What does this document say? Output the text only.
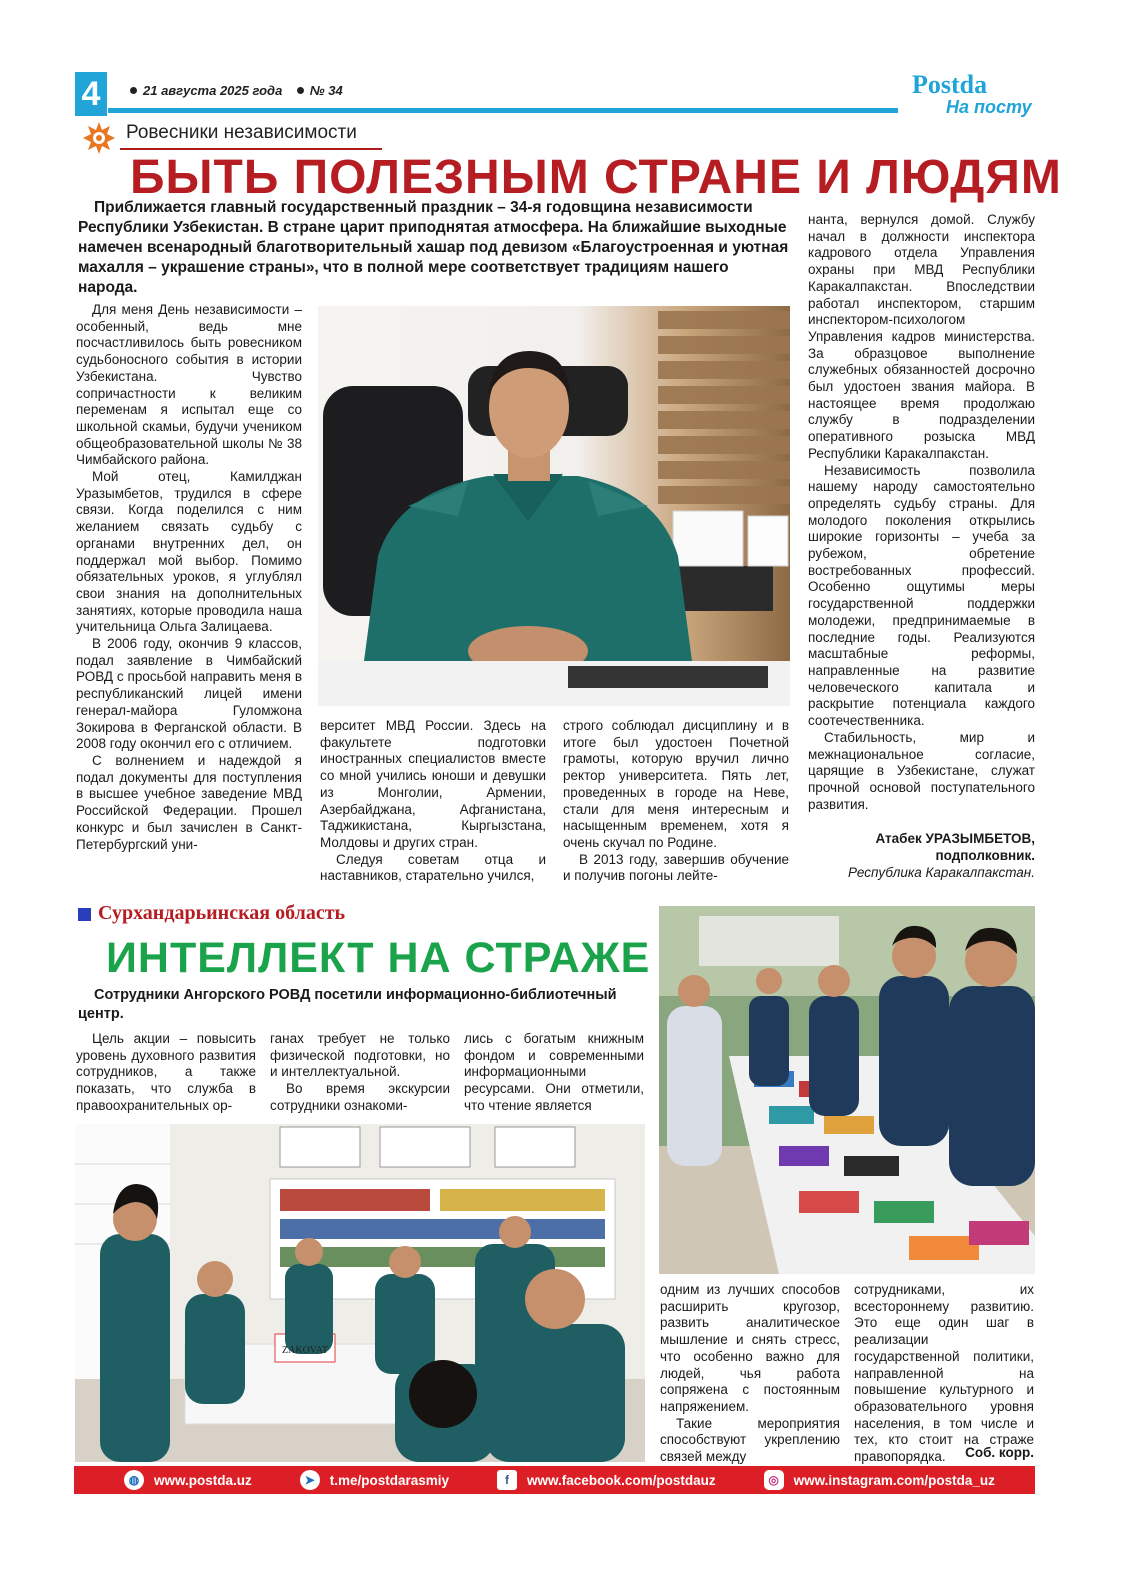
4	21 августа 2025 года № 34	Postda
На посту
Ровесники независимости
БЫТЬ ПОЛЕЗНЫМ СТРАНЕ И ЛЮДЯМ
Приближается главный государственный праздник – 34-я годовщина независимости Республики Узбекистан. В стране царит приподнятая атмосфера. На ближайшие выходные намечен всенародный благотворительный хашар под девизом «Благоустроенная и уютная махалля – украшение страны», что в полной мере соответствует традициям нашего народа.

Для меня День независимости – особенный, ведь мне посчастливилось быть ровесником судьбоносного события в истории Узбекистана. Чувство сопричастности к великим переменам я испытал еще со школьной скамьи, будучи учеником общеобразовательной школы № 38 Чимбайского района.

Мой отец, Камилджан Уразымбетов, трудился в сфере связи. Когда поделился с ним желанием связать судьбу с органами внутренних дел, он поддержал мой выбор. Помимо обязательных уроков, я углублял свои знания на дополнительных занятиях, которые проводила наша учительница Ольга Залицаева.

В 2006 году, окончив 9 классов, подал заявление в Чимбайский РОВД с просьбой направить меня в республиканский лицей имени генерал-майора Гуломжона Зокирова в Ферганской области. В 2008 году окончил его с отличием.

С волнением и надеждой я подал документы для поступления в высшее учебное заведение МВД Российской Федерации. Прошел конкурс и был зачислен в Санкт-Петербургский уни-

верситет МВД России. Здесь на факультете подготовки иностранных специалистов вместе со мной учились юноши и девушки из Монголии, Армении, Азербайджана, Афганистана, Таджикистана, Кыргызстана, Молдовы и других стран.

Следуя советам отца и наставников, старательно учился,

строго соблюдал дисциплину и в итоге был удостоен Почетной грамоты, которую вручил лично ректор университета. Пять лет, проведенных в городе на Неве, стали для меня интересным и насыщенным временем, хотя я очень скучал по Родине.

В 2013 году, завершив обучение и получив погоны лейте-

нанта, вернулся домой. Службу начал в должности инспектора кадрового отдела Управления охраны при МВД Республики Каракалпакстан. Впоследствии работал инспектором, старшим инспектором-психологом Управления кадров министерства. За образцовое выполнение служебных обязанностей досрочно был удостоен звания майора. В настоящее время продолжаю службу в подразделении оперативного розыска МВД Республики Каракалпакстан.

Независимость позволила нашему народу самостоятельно определять судьбу страны. Для молодого поколения открылись широкие горизонты – учеба за рубежом, обретение востребованных профессий. Особенно ощутимы меры государственной поддержки молодежи, предпринимаемые в последние годы. Реализуются масштабные реформы, направленные на развитие человеческого капитала и раскрытие потенциала каждого соотечественника.

Стабильность, мир и межнациональное согласие, царящие в Узбекистане, служат прочной основой поступательного развития.

Атабек УРАЗЫМБЕТОВ,
подполковник.
Республика Каракалпакстан.
Сурхандарьинская область
ИНТЕЛЛЕКТ НА СТРАЖЕ
Сотрудники Ангорского РОВД посетили информационно-библиотечный центр.

Цель акции – повысить уровень духовного развития сотрудников, а также показать, что служба в правоохранительных ор-

ганах требует не только физической подготовки, но и интеллектуальной.

Во время экскурсии сотрудники ознакоми-

лись с богатым книжным фондом и современными информационными ресурсами. Они отметили, что чтение является

ZAKOVAT

одним из лучших способов расширить кругозор, развить аналитическое мышление и снять стресс, что особенно важно для людей, чья работа сопряжена с постоянным напряжением.

Такие мероприятия способствуют укреплению связей между

сотрудниками, их всестороннему развитию. Это еще один шаг в реализации государственной политики, направленной на повышение культурного и образовательного уровня населения, в том числе и тех, кто стоит на страже правопорядка.	Соб. корр.
◍	www.postda.uz	➤	t.me/postdarasmiy	f	www.facebook.com/postdauz	◎	www.instagram.com/postda_uz
